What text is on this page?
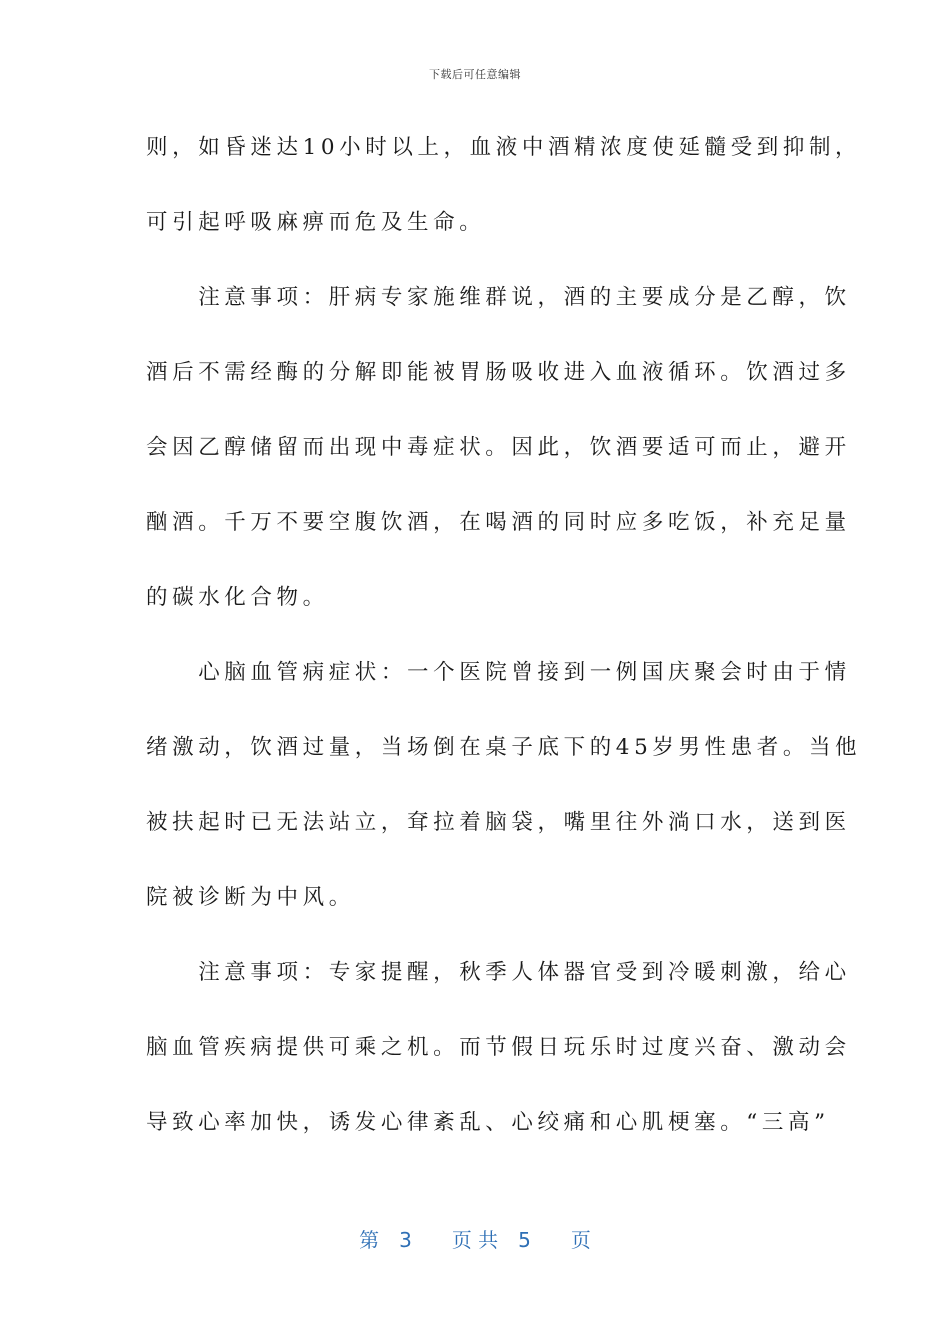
下载后可任意编辑
则，如昏迷达10小时以上，血液中酒精浓度使延髓受到抑制，
可引起呼吸麻痹而危及生命。
　　注意事项：肝病专家施维群说，酒的主要成分是乙醇，饮
酒后不需经酶的分解即能被胃肠吸收进入血液循环。饮酒过多
会因乙醇储留而出现中毒症状。因此，饮酒要适可而止，避开
酗酒。千万不要空腹饮酒，在喝酒的同时应多吃饭，补充足量
的碳水化合物。
　　心脑血管病症状：一个医院曾接到一例国庆聚会时由于情
绪激动，饮酒过量，当场倒在桌子底下的45岁男性患者。当他
被扶起时已无法站立，耷拉着脑袋，嘴里往外淌口水，送到医
院被诊断为中风。
　　注意事项：专家提醒，秋季人体器官受到冷暖刺激，给心
脑血管疾病提供可乘之机。而节假日玩乐时过度兴奋、激动会
导致心率加快，诱发心律紊乱、心绞痛和心肌梗塞。“三高”
第　3　　页 共　5　　页
